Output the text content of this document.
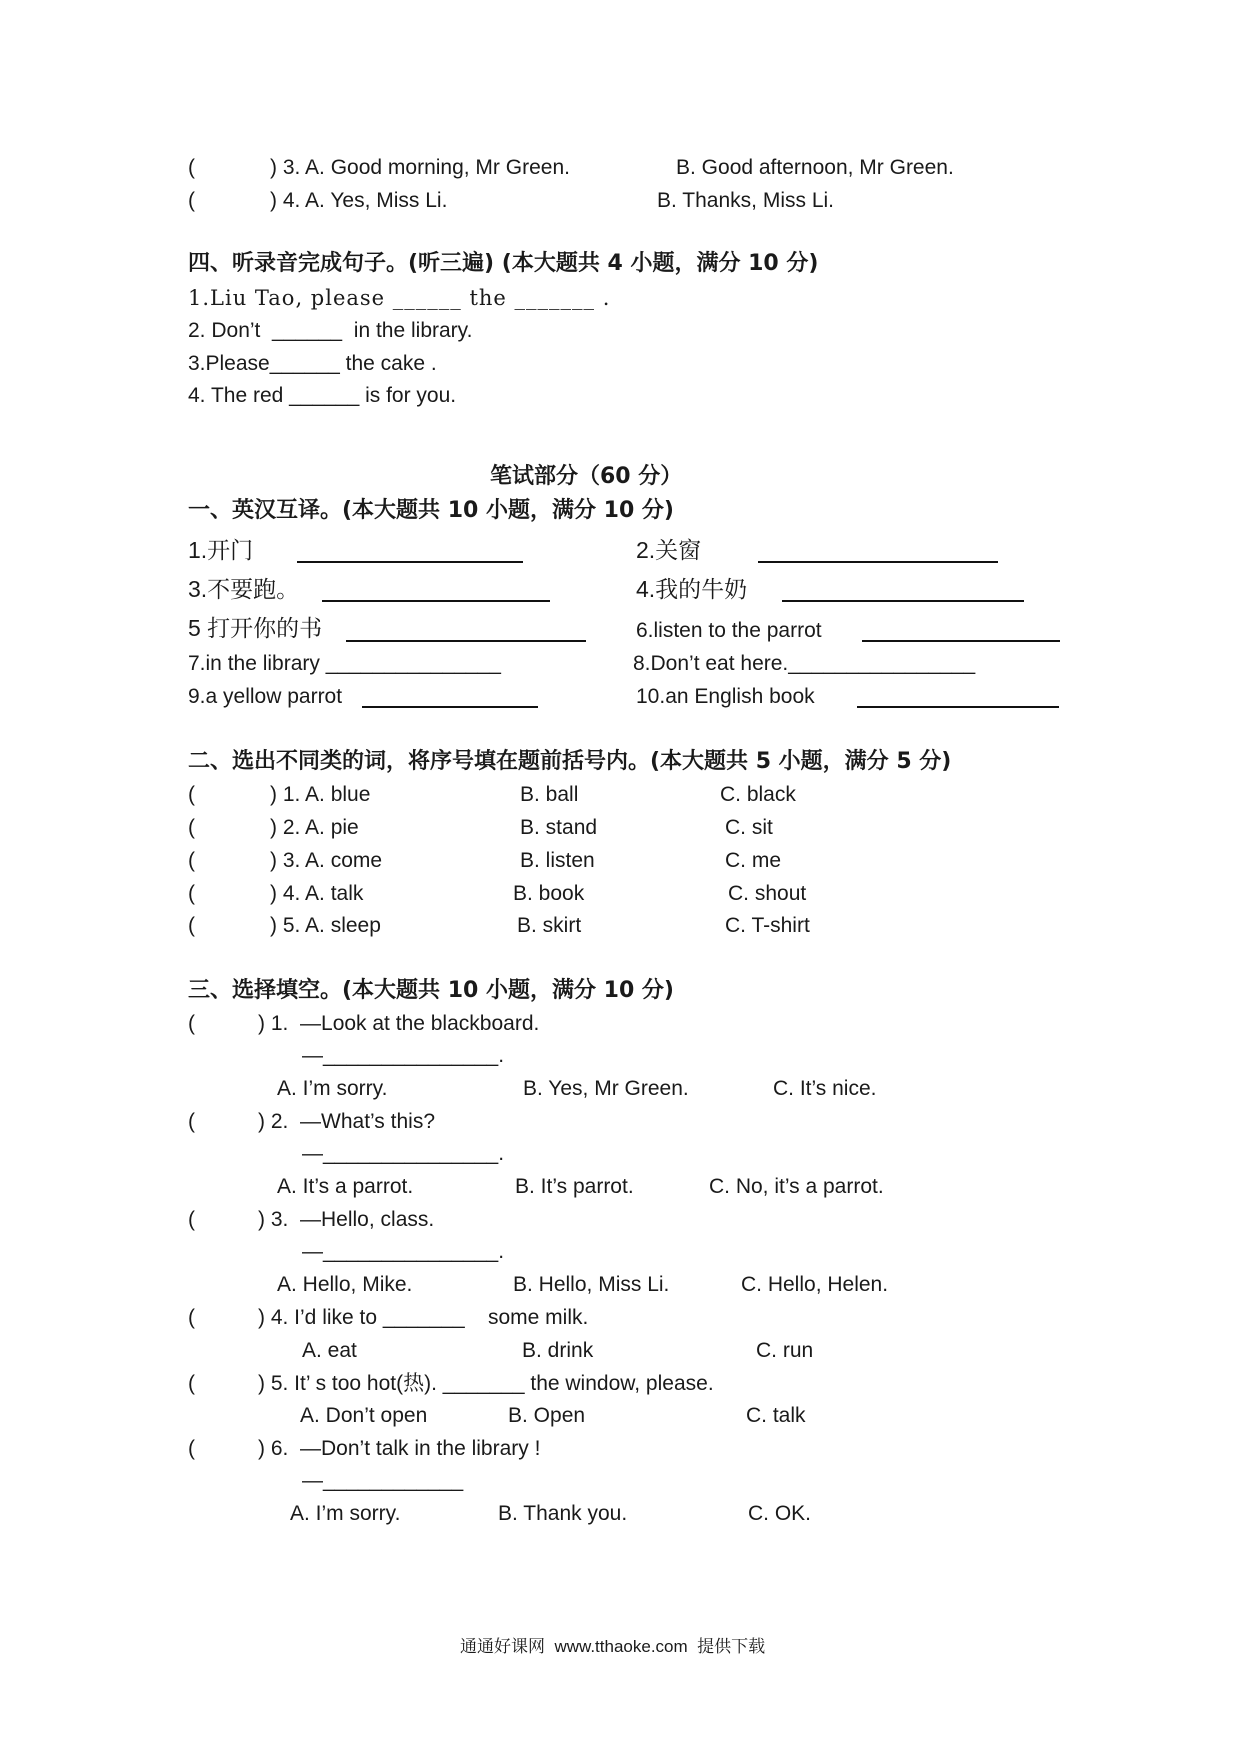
(	) 3. A. Good morning, Mr Green.	B. Good afternoon, Mr Green.
(	) 4. A. Yes, Miss Li.	B. Thanks, Miss Li.
四、听录音完成句子。(听三遍) (本大题共 4 小题，满分 10 分)
1.Liu Tao, please ______ the _______ .
2. Don’t  ______  in the library.
3.Please______ the cake .
4. The red ______ is for you.
笔试部分（60 分）
一、英汉互译。(本大题共 10 小题，满分 10 分)
1.开门	2.关窗
3.不要跑。	4.我的牛奶
5 打开你的书	6.listen to the parrot
7.in the library _______________	8.Don’t eat here.________________
9.a yellow parrot	10.an English book
二、选出不同类的词，将序号填在题前括号内。(本大题共 5 小题，满分 5 分)
(	) 1. A. blue	B. ball	C. black
(	) 2. A. pie	B. stand	C. sit
(	) 3. A. come	B. listen	C. me
(	) 4. A. talk	B. book	C. shout
(	) 5. A. sleep	B. skirt	C. T-shirt
三、选择填空。(本大题共 10 小题，满分 10 分)
(	) 1.  —Look at the blackboard.
—_______________.
A. I’m sorry.	B. Yes, Mr Green.	C. It’s nice.
(	) 2.  —What’s this?
—_______________.
A. It’s a parrot.	B. It’s parrot.	C. No, it’s a parrot.
(	) 3.  —Hello, class.
—_______________.
A. Hello, Mike.	B. Hello, Miss Li.	C. Hello, Helen.
(	) 4. I’d like to _______    some milk.
A. eat	B. drink	C. run
(	) 5. It’ s too hot(热). _______ the window, please.
A. Don’t open	B. Open	C. talk
(	) 6.  —Don’t talk in the library !
—____________
A. I’m sorry.	B. Thank you.	C. OK.
通通好课网  www.tthaoke.com  提供下载
